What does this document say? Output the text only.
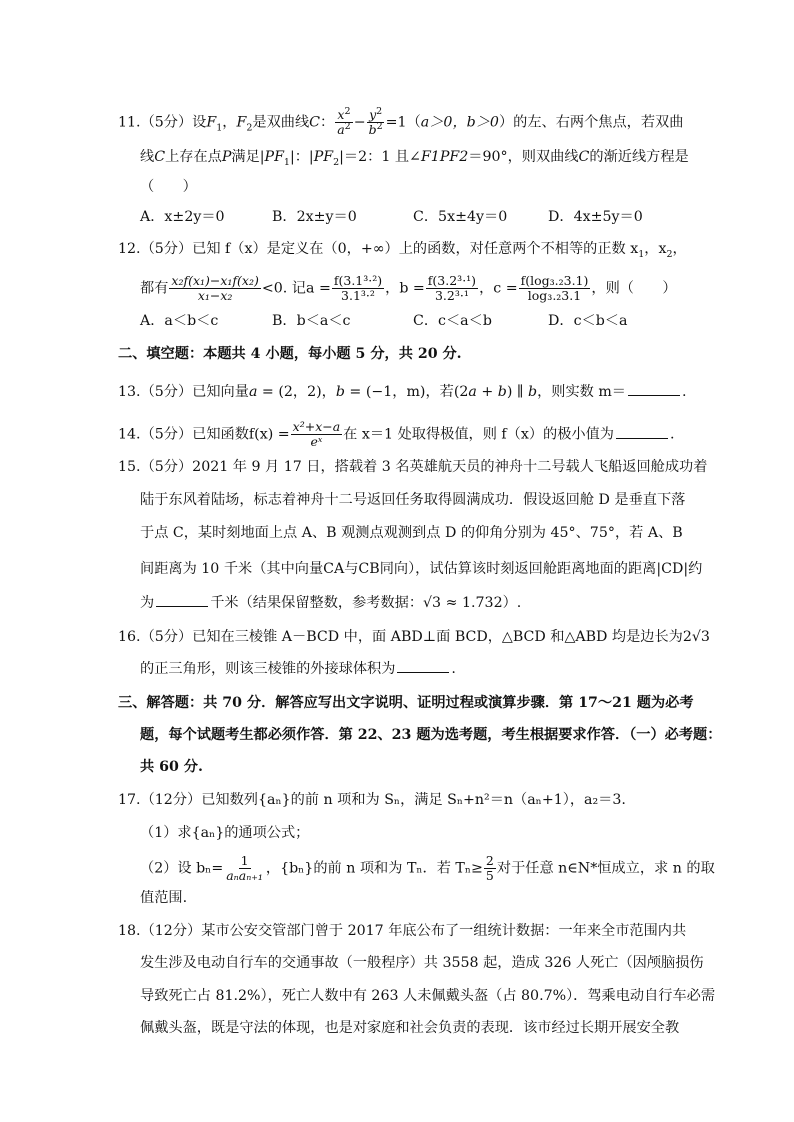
11.（5分）设$F_1$，$F_2$是双曲线C： $\frac{x^2}{a^2} - \frac{y^2}{b^2} =1(a>0$，b＞0）的左、右两个焦点，若双曲
线C上存在点P满足$|PF_1|$：$|PF_2|=2$：1 且∠F1PF2＝90°，则双曲线C的渐近线方程是
（　　）
A．x±2y＝0	B．2x±y＝0	C．5x±4y＝0	D．4x±5y＝0
12.（5分）已知 f（x）是定义在（0，+∞）上的函数，对任意两个不相等的正数 $x_1$，$x_2$，
都有 $\frac{\text{x₂f(x₁)−x₁f(x₂)}}{\text{x₁−x₂}} <0$. 记$a = \frac{\text{f(3.1³·²)}}{\text{3.1³·²}}$ ，$b = \frac{\text{f(3.2³·¹)}}{\text{3.2³·¹}}$ ，$c = \frac{\text{f(log₃.₂3.1)}}{\text{log₃.₂3.1}}$ ，则（　　）
A．a＜b＜c	B．b＜a＜c	C．c＜a＜b	D．c＜b＜a
二、填空题：本题共 4 小题，每小题 5 分，共 20 分.
13.（5分）已知向量a = (2，2)，b = (−1，m)，若(2a + b) ∥ b，则实数 m＝	.
14.（5分）已知函数$f(x) = \frac{\text{x²+x−a}}{\text{eˣ}}$ 在 x＝1 处取得极值，则 f（x）的极小值为	.
15.（5分）2021 年 9 月 17 日，搭载着 3 名英雄航天员的神舟十二号载人飞船返回舱成功着
陆于东风着陆场，标志着神舟十二号返回任务取得圆满成功．假设返回舱 D 是垂直下落
于点 C，某时刻地面上点 A、B 观测点观测到点 D 的仰角分别为 45°、75°，若 A、B
间距离为 10 千米（其中向量CA与CB同向），试估算该时刻返回舱距离地面的距离|CD|约
为	千米（结果保留整数，参考数据：√3 ≈ 1.732）.
16.（5分）已知在三棱锥 A－BCD 中，面 ABD⊥面 BCD，△BCD 和△ABD 均是边长为2√3
的正三角形，则该三棱锥的外接球体积为	.
三、解答题：共 70 分．解答应写出文字说明、证明过程或演算步骤．第 17～21 题为必考
题，每个试题考生都必须作答．第 22、23 题为选考题，考生根据要求作答．（一）必考题：
共 60 分.
17.（12分）已知数列{aₙ}的前 n 项和为 Sₙ，满足 Sₙ+n²＝n（aₙ+1），a₂＝3.
（1）求{aₙ}的通项公式；
（2）设 $b_n= \frac{1}{\text{aₙaₙ₊₁}}$ ，{bₙ}的前 n 项和为 Tₙ．若 $T_n\ge \frac{2}{5}$ 对于任意 n∈N*恒成立，求 n 的取
值范围.
18.（12分）某市公安交管部门曾于 2017 年底公布了一组统计数据：一年来全市范围内共
发生涉及电动自行车的交通事故（一般程序）共 3558 起，造成 326 人死亡（因颅脑损伤
导致死亡占 81.2%），死亡人数中有 263 人未佩戴头盔（占 80.7%）．驾乘电动自行车必需
佩戴头盔，既是守法的体现，也是对家庭和社会负责的表现．该市经过长期开展安全教
